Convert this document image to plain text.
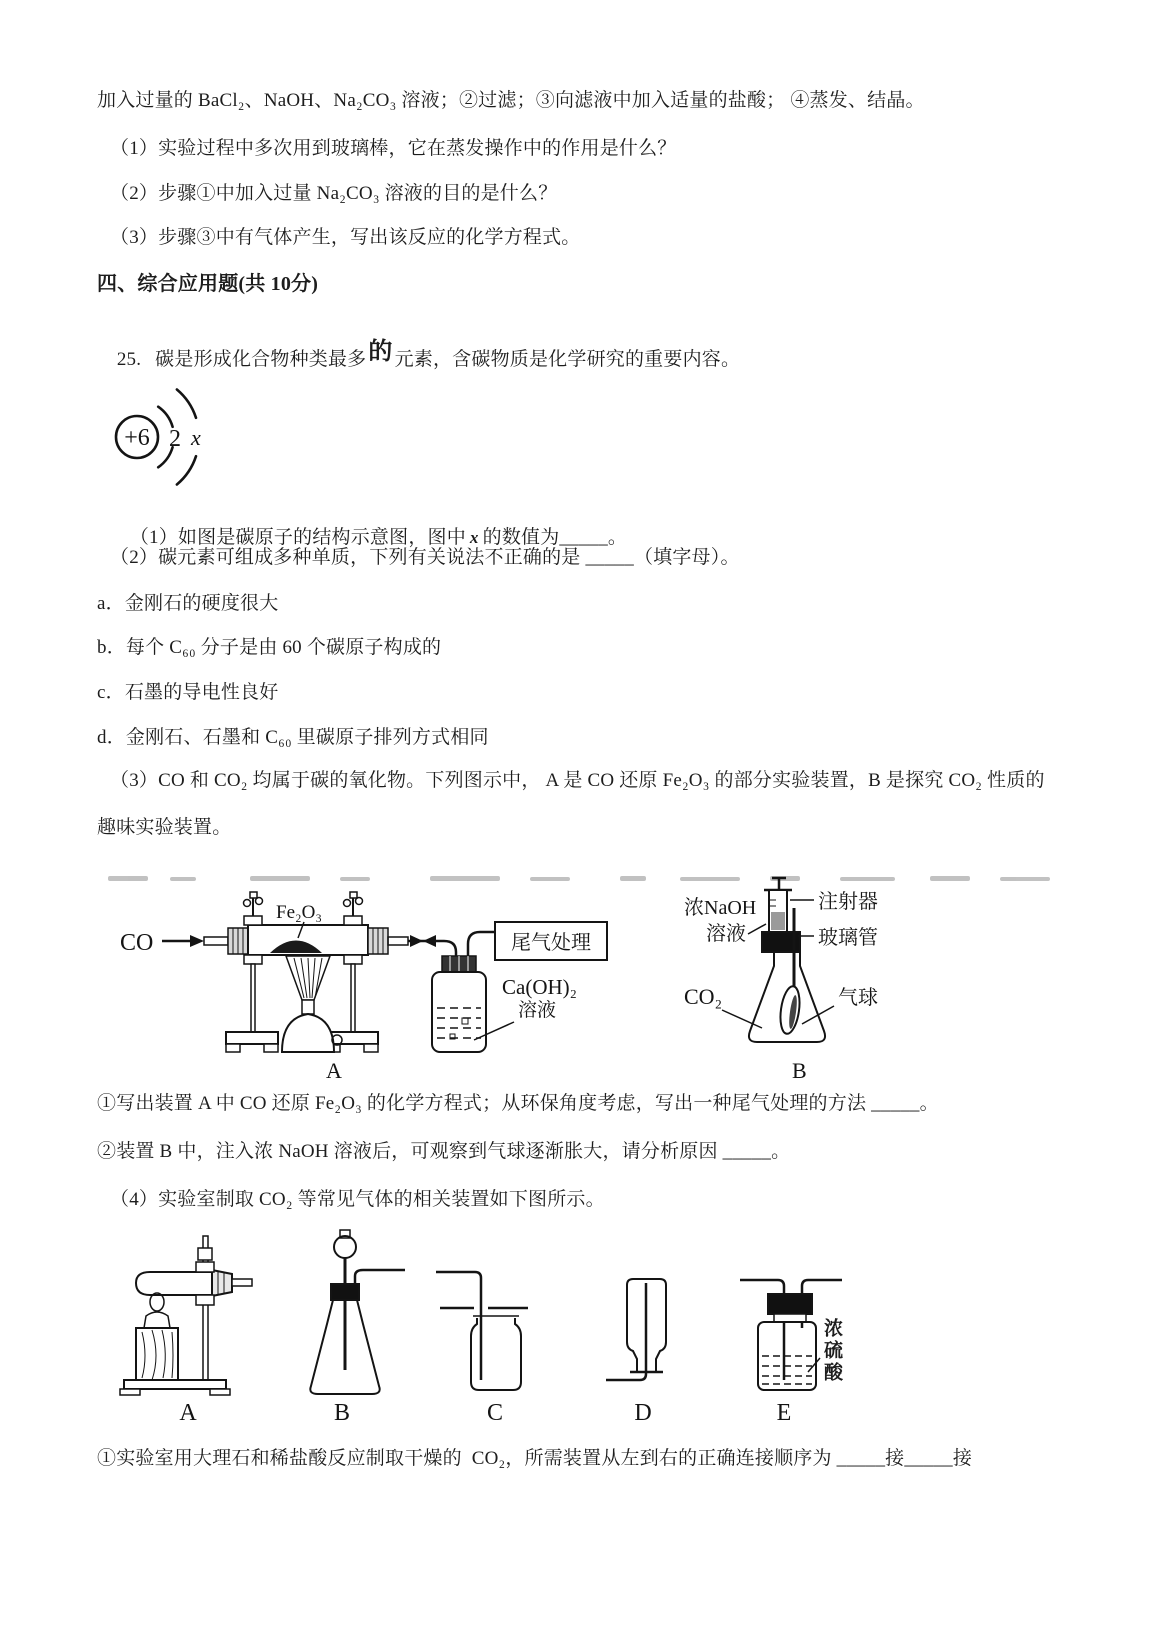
加入过量的 BaCl₂、NaOH、Na₂CO₃ 溶液；②过滤；③向滤液中加入适量的盐酸； ④蒸发、结晶。
（1）实验过程中多次用到玻璃棒，它在蒸发操作中的作用是什么？
（2）步骤①中加入过量 Na₂CO₃ 溶液的目的是什么？
（3）步骤③中有气体产生，写出该反应的化学方程式。
四、综合应用题(共 10分)

25. 碳是形成化合物种类最多的 元素，含碳物质是化学研究的重要内容。

+6 2 x

（1）如图是碳原子的结构示意图，图中 x 的数值为_____。

（2）碳元素可组成多种单质，下列有关说法不正确的是 _____（填字母）。
a．金刚石的硬度很大
b．每个 C₆₀ 分子是由 60 个碳原子构成的
c．石墨的导电性良好
d．金刚石、石墨和 C₆₀ 里碳原子排列方式相同
（3）CO 和 CO₂ 均属于碳的氧化物。下列图示中， A 是 CO 还原 Fe₂O₃ 的部分实验装置，B 是探究 CO₂ 性质的
趣味实验装置。
CO
Fe₂O₃
Ca(OH)₂
溶液
尾气处理
A
浓NaOH
溶液
注射器
玻璃管
CO₂	气球
B
①写出装置 A 中 CO 还原 Fe₂O₃ 的化学方程式；从环保角度考虑，写出一种尾气处理的方法 _____。
②装置 B 中，注入浓 NaOH 溶液后，可观察到气球逐渐胀大，请分析原因 _____。
（4）实验室制取 CO₂ 等常见气体的相关装置如下图所示。
A	B	C	D	E
浓硫酸
①实验室用大理石和稀盐酸反应制取干燥的  CO₂，所需装置从左到右的正确连接顺序为 _____接_____接
